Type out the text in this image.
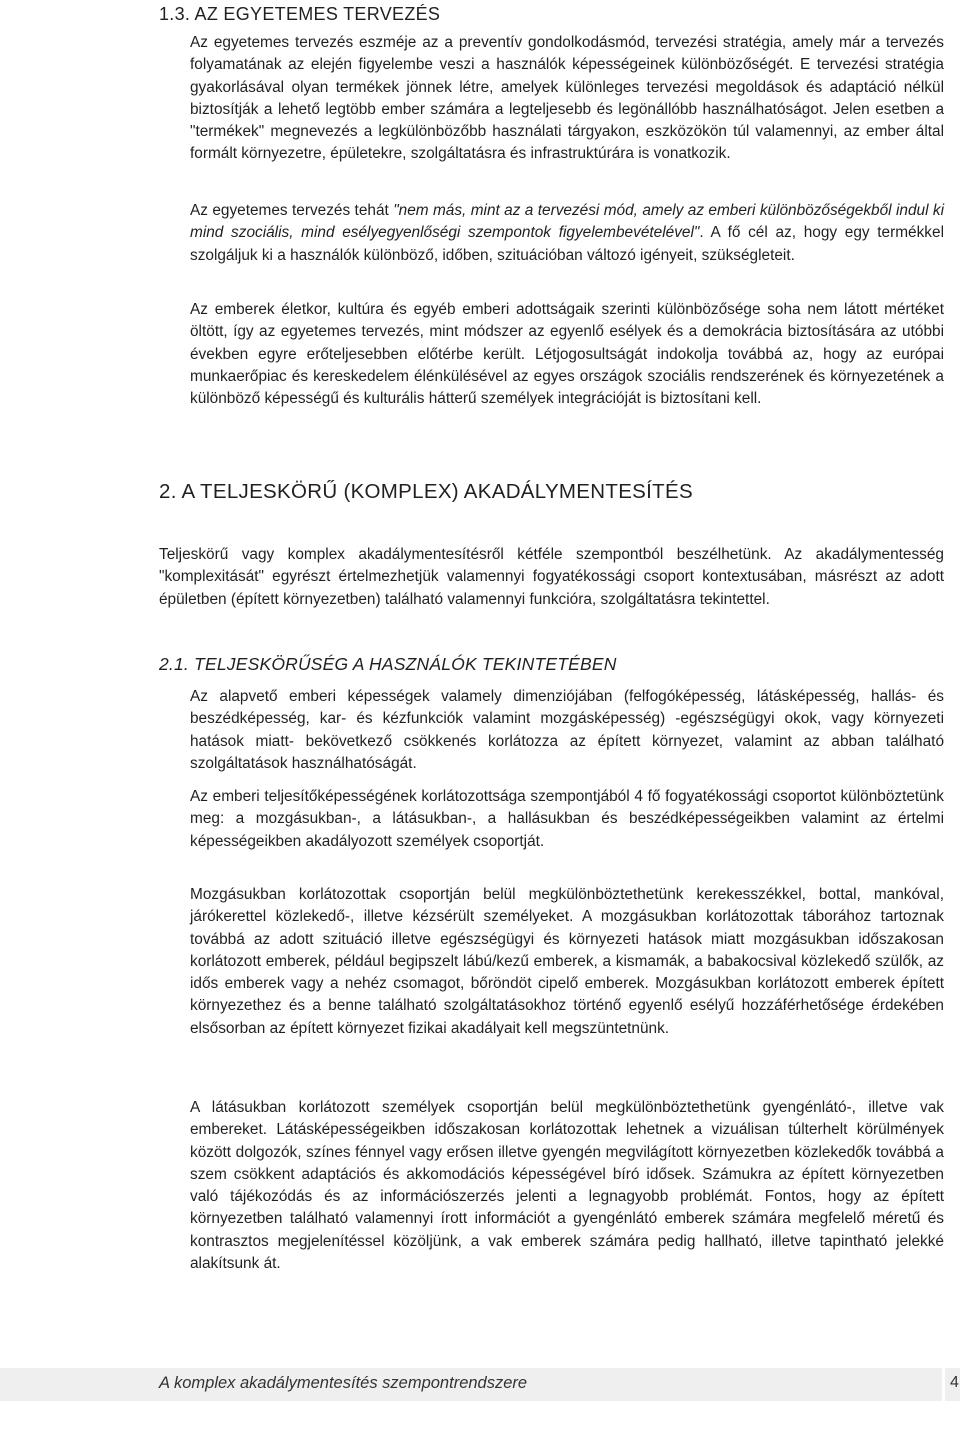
1.3. AZ EGYETEMES TERVEZÉS

Az egyetemes tervezés eszméje az a preventív gondolkodásmód, tervezési stratégia, amely már a tervezés folyamatának az elején figyelembe veszi a használók képességeinek különbözőségét. E tervezési stratégia gyakorlásával olyan termékek jönnek létre, amelyek különleges tervezési megoldások és adaptáció nélkül biztosítják a lehető legtöbb ember számára a legteljesebb és legönállóbb használhatóságot. Jelen esetben a "termékek" megnevezés a legkülönbözőbb használati tárgyakon, eszközökön túl valamennyi, az ember által formált környezetre, épületekre, szolgáltatásra és infrastruktúrára is vonatkozik.

Az egyetemes tervezés tehát "nem más, mint az a tervezési mód, amely az emberi különbözőségekből indul ki mind szociális, mind esélyegyenlőségi szempontok figyelembevételével". A fő cél az, hogy egy termékkel szolgáljuk ki a használók különböző, időben, szituációban változó igényeit, szükségleteit.

Az emberek életkor, kultúra és egyéb emberi adottságaik szerinti különbözősége soha nem látott mértéket öltött, így az egyetemes tervezés, mint módszer az egyenlő esélyek és a demokrácia biztosítására az utóbbi években egyre erőteljesebben előtérbe került. Létjogosultságát indokolja továbbá az, hogy az európai munkaerőpiac és kereskedelem élénkülésével az egyes országok szociális rendszerének és környezetének a különböző képességű és kulturális hátterű személyek integrációját is biztosítani kell.

2. A TELJESKÖRŰ (KOMPLEX) AKADÁLYMENTESÍTÉS

Teljeskörű vagy komplex akadálymentesítésről kétféle szempontból beszélhetünk. Az akadálymentesség "komplexitását" egyrészt értelmezhetjük valamennyi fogyatékossági csoport kontextusában, másrészt az adott épületben (épített környezetben) található valamennyi funkcióra, szolgáltatásra tekintettel.

2.1. TELJESKÖRŰSÉG A HASZNÁLÓK TEKINTETÉBEN

Az alapvető emberi képességek valamely dimenziójában (felfogóképesség, látásképesség, hallás- és beszédképesség, kar- és kézfunkciók valamint mozgásképesség) -egészségügyi okok, vagy környezeti hatások miatt- bekövetkező csökkenés korlátozza az épített környezet, valamint az abban található szolgáltatások használhatóságát.

Az emberi teljesítőképességének korlátozottsága szempontjából 4 fő fogyatékossági csoportot különböztetünk meg: a mozgásukban-, a látásukban-, a hallásukban és beszédképességeikben valamint az értelmi képességeikben akadályozott személyek csoportját.

Mozgásukban korlátozottak csoportján belül megkülönböztethetünk kerekesszékkel, bottal, mankóval, járókerettel közlekedő-, illetve kézsérült személyeket. A mozgásukban korlátozottak táborához tartoznak továbbá az adott szituáció illetve egészségügyi és környezeti hatások miatt mozgásukban időszakosan korlátozott emberek, például begipszelt lábú/kezű emberek, a kismamák, a babakocsival közlekedő szülők, az idős emberek vagy a nehéz csomagot, bőröndöt cipelő emberek. Mozgásukban korlátozott emberek épített környezethez és a benne található szolgáltatásokhoz történő egyenlő esélyű hozzáférhetősége érdekében elsősorban az épített környezet fizikai akadályait kell megszüntetnünk.

A látásukban korlátozott személyek csoportján belül megkülönböztethetünk gyengénlátó-, illetve vak embereket. Látásképességeikben időszakosan korlátozottak lehetnek a vizuálisan túlterhelt körülmények között dolgozók, színes fénnyel vagy erősen illetve gyengén megvilágított környezetben közlekedők továbbá a szem csökkent adaptációs és akkomodációs képességével bíró idősek. Számukra az épített környezetben való tájékozódás és az információszerzés jelenti a legnagyobb problémát. Fontos, hogy az épített környezetben található valamennyi írott információt a gyengénlátó emberek számára megfelelő méretű és kontrasztos megjelenítéssel közöljünk, a vak emberek számára pedig hallható, illetve tapintható jelekké alakítsunk át.

A komplex akadálymentesítés szempontrendszere	4
